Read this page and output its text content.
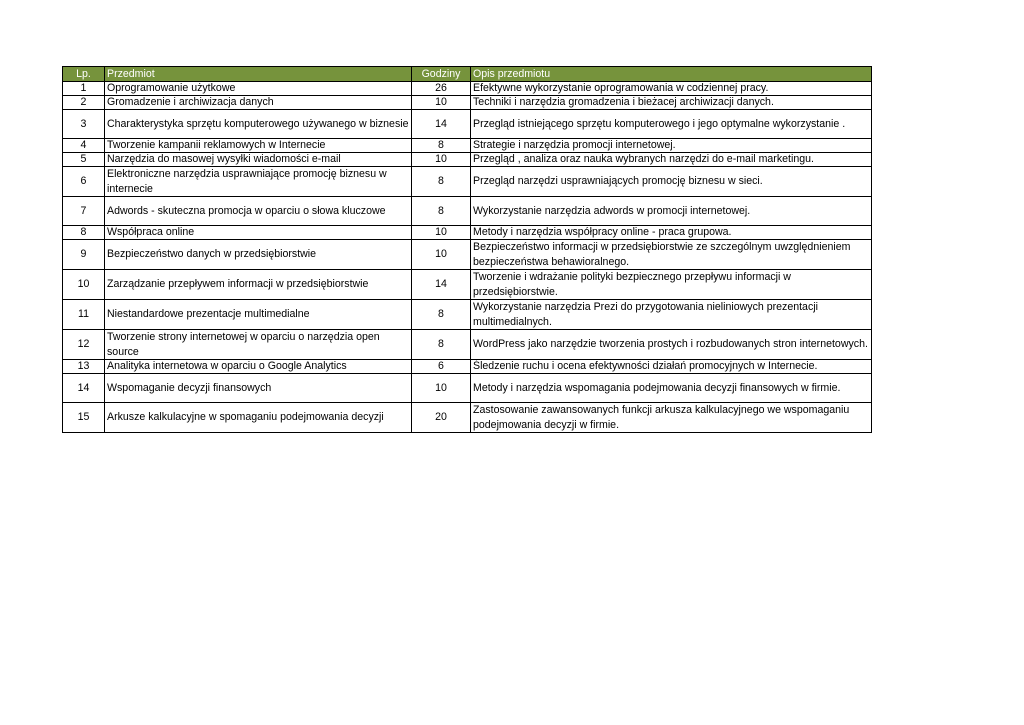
Lp.	Przedmiot	Godziny	Opis przedmiotu
1	Oprogramowanie użytkowe	26	Efektywne wykorzystanie oprogramowania w codziennej pracy.
2	Gromadzenie i archiwizacja danych	10	Techniki i narzędzia gromadzenia i bieżacej archiwizacji danych.
3	Charakterystyka sprzętu komputerowego używanego w biznesie	14	Przegląd istniejącego sprzętu komputerowego i jego optymalne wykorzystanie .
4	Tworzenie kampanii reklamowych w Internecie	8	Strategie i narzędzia promocji internetowej.
5	Narzędzia do masowej wysyłki wiadomości e-mail	10	Przegląd , analiza oraz nauka wybranych narzędzi do e-mail marketingu.
6	Elektroniczne narzędzia usprawniające promocję biznesu w internecie	8	Przegląd narzędzi usprawniających promocję biznesu w sieci.
7	Adwords - skuteczna promocja w oparciu o słowa kluczowe	8	Wykorzystanie narzędzia adwords w promocji internetowej.
8	Współpraca online	10	Metody i narzędzia współpracy online - praca grupowa.
9	Bezpieczeństwo danych w przedsiębiorstwie	10	Bezpieczeństwo informacji w przedsiębiorstwie ze szczególnym uwzględnieniem bezpieczeństwa behawioralnego.
10	Zarządzanie przepływem informacji w przedsiębiorstwie	14	Tworzenie i wdrażanie polityki bezpiecznego przepływu informacji w przedsiębiorstwie.
11	Niestandardowe prezentacje multimedialne	8	Wykorzystanie narzędzia Prezi do przygotowania nieliniowych prezentacji multimedialnych.
12	Tworzenie strony internetowej w oparciu o narzędzia open source	8	WordPress jako narzędzie tworzenia prostych i rozbudowanych stron internetowych.
13	Analityka internetowa w oparciu o Google Analytics	6	Śledzenie ruchu i ocena efektywności działań promocyjnych w Internecie.
14	Wspomaganie decyzji finansowych	10	Metody i narzędzia wspomagania podejmowania decyzji finansowych w firmie.
15	Arkusze kalkulacyjne w spomaganiu podejmowania decyzji	20	Zastosowanie zawansowanych funkcji arkusza kalkulacyjnego we wspomaganiu podejmowania decyzji w firmie.
